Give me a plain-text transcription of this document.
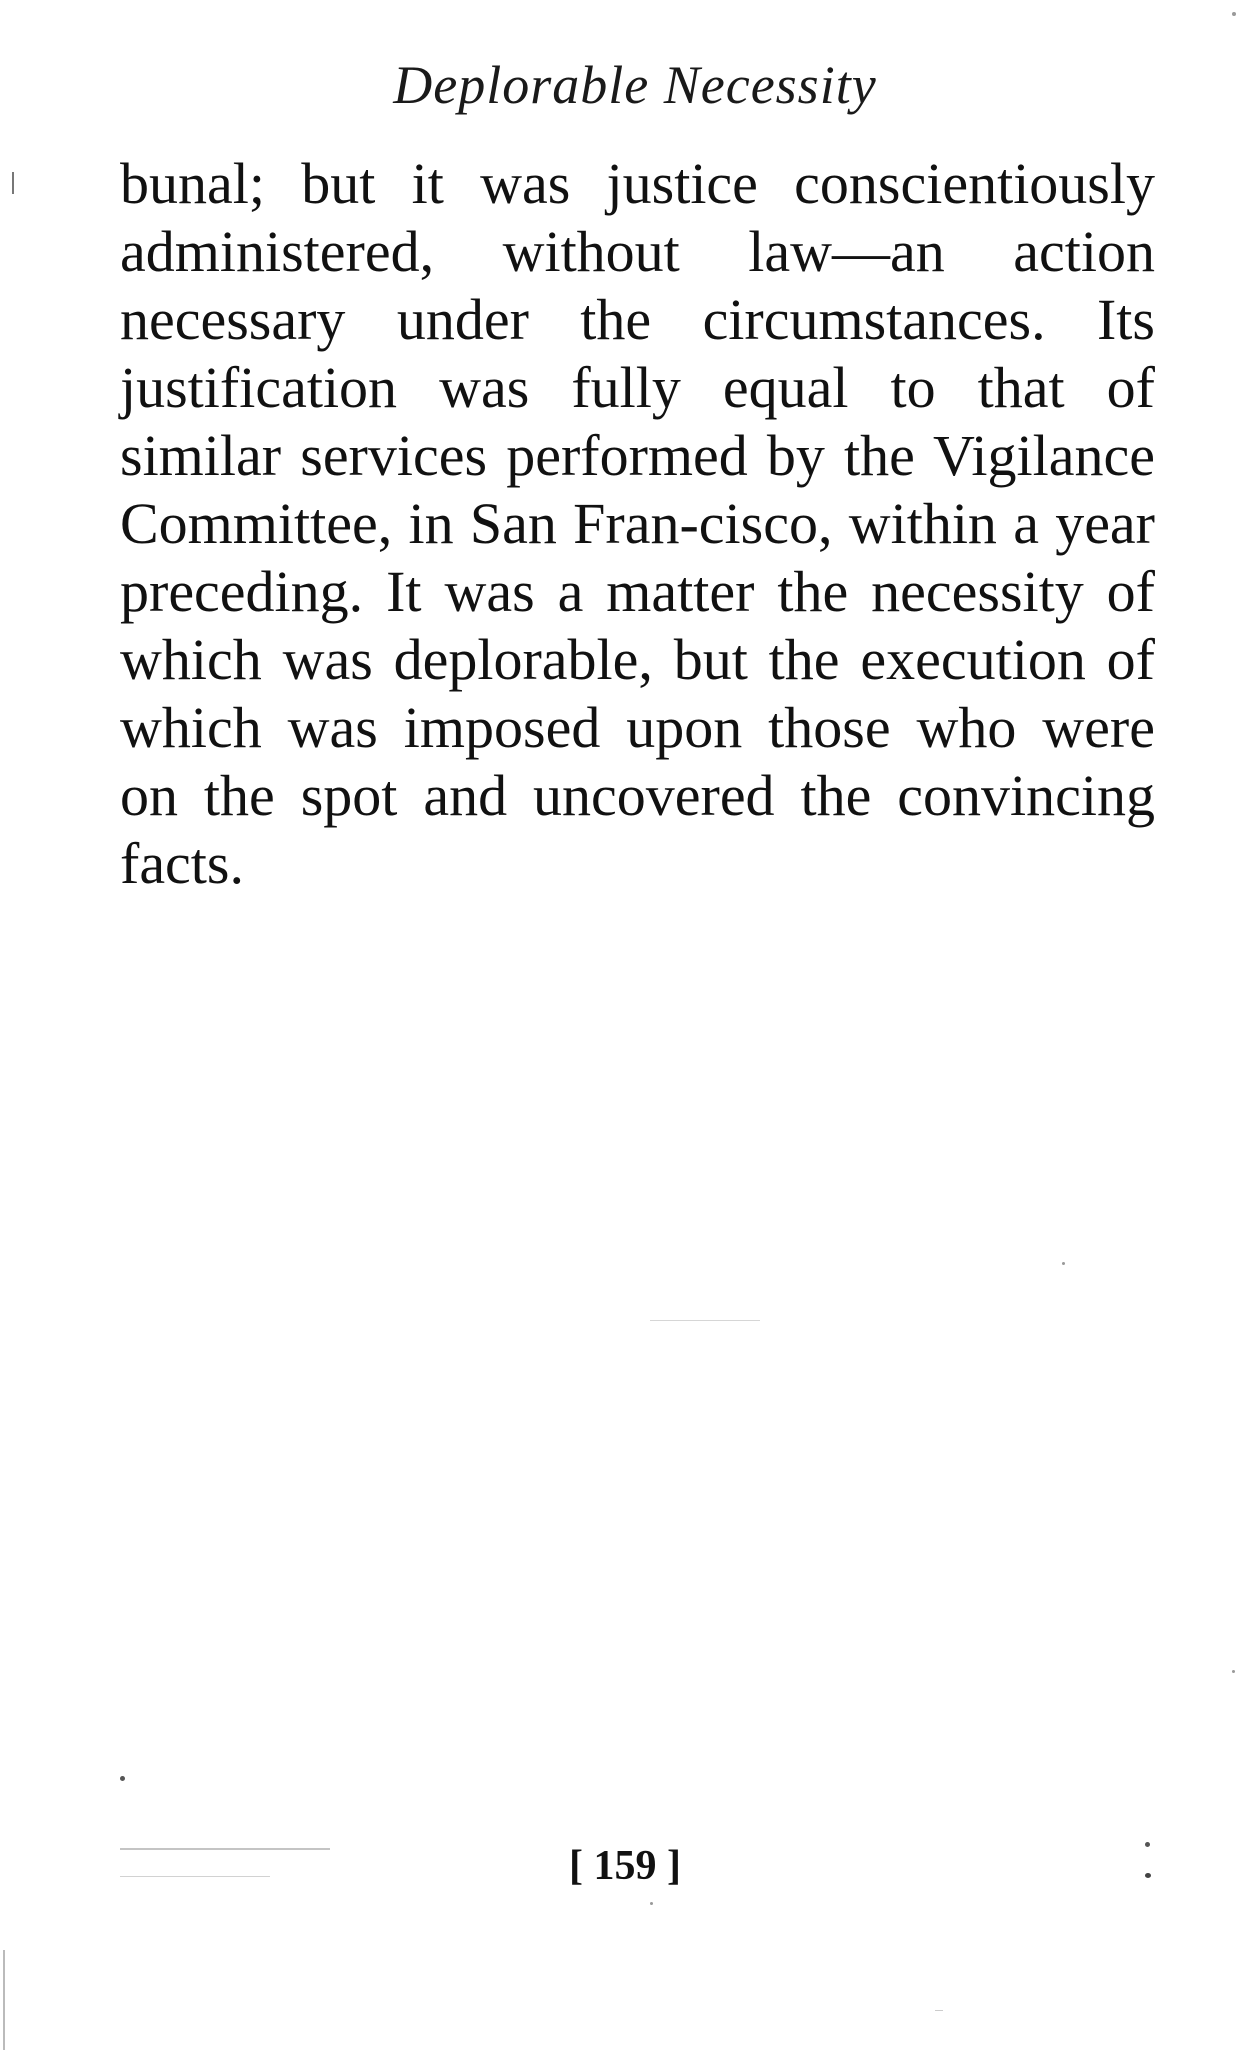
Deplorable Necessity

bunal; but it was justice conscientiously administered, without law—an action necessary under the circumstances. Its justification was fully equal to that of similar services performed by the Vigilance Committee, in San Fran-cisco, within a year preceding. It was a matter the necessity of which was deplorable, but the execution of which was imposed upon those who were on the spot and uncovered the convincing facts.

[ 159 ]
